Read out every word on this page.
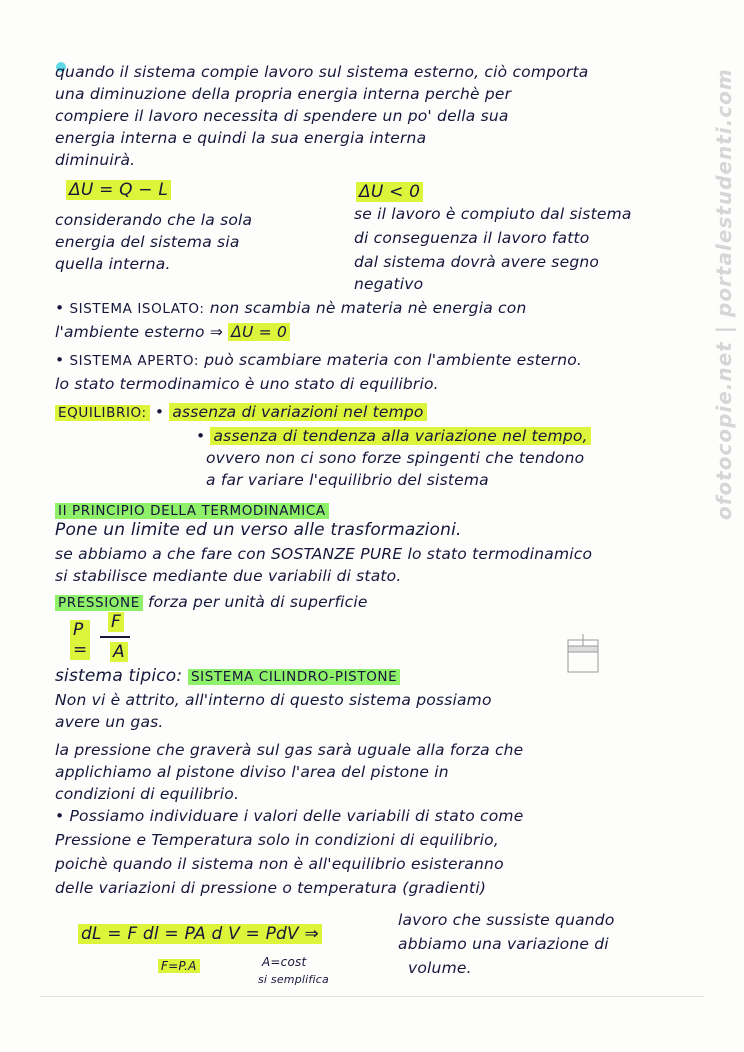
quando il sistema compie lavoro sul sistema esterno, ciò comporta
una diminuzione della propria energia interna perchè per
compiere il lavoro necessita di spendere un po' della sua
energia interna e quindi la sua energia interna
diminuirà.
ΔU = Q − L	ΔU < 0
considerando che la sola
energia del sistema sia
quella interna.
se il lavoro è compiuto dal sistema
di conseguenza il lavoro fatto
dal sistema dovrà avere segno
negativo
• SISTEMA ISOLATO: non scambia nè materia nè energia con
l'ambiente esterno ⇒ ΔU = 0
• SISTEMA APERTO: può scambiare materia con l'ambiente esterno.
lo stato termodinamico è uno stato di equilibrio.
EQUILIBRIO: • assenza di variazioni nel tempo
• assenza di tendenza alla variazione nel tempo,
ovvero non ci sono forze spingenti che tendono
a far variare l'equilibrio del sistema
II PRINCIPIO DELLA TERMODINAMICA
Pone un limite ed un verso alle trasformazioni.
se abbiamo a che fare con SOSTANZE PURE lo stato termodinamico
si stabilisce mediante due variabili di stato.
PRESSIONE forza per unità di superficie
P =
F
A
sistema tipico: SISTEMA CILINDRO-PISTONE
Non vi è attrito, all'interno di questo sistema possiamo
avere un gas.
la pressione che graverà sul gas sarà uguale alla forza che
applichiamo al pistone diviso l'area del pistone in
condizioni di equilibrio.
• Possiamo individuare i valori delle variabili di stato come
Pressione e Temperatura solo in condizioni di equilibrio,
poichè quando il sistema non è all'equilibrio esisteranno
delle variazioni di pressione o temperatura (gradienti)
dL = F dl = PA d V = PdV ⇒
lavoro che sussiste quando
abbiamo una variazione di
volume.
F=P.A	A=cost
si semplifica
ofotocopie.net | portalestudenti.com
